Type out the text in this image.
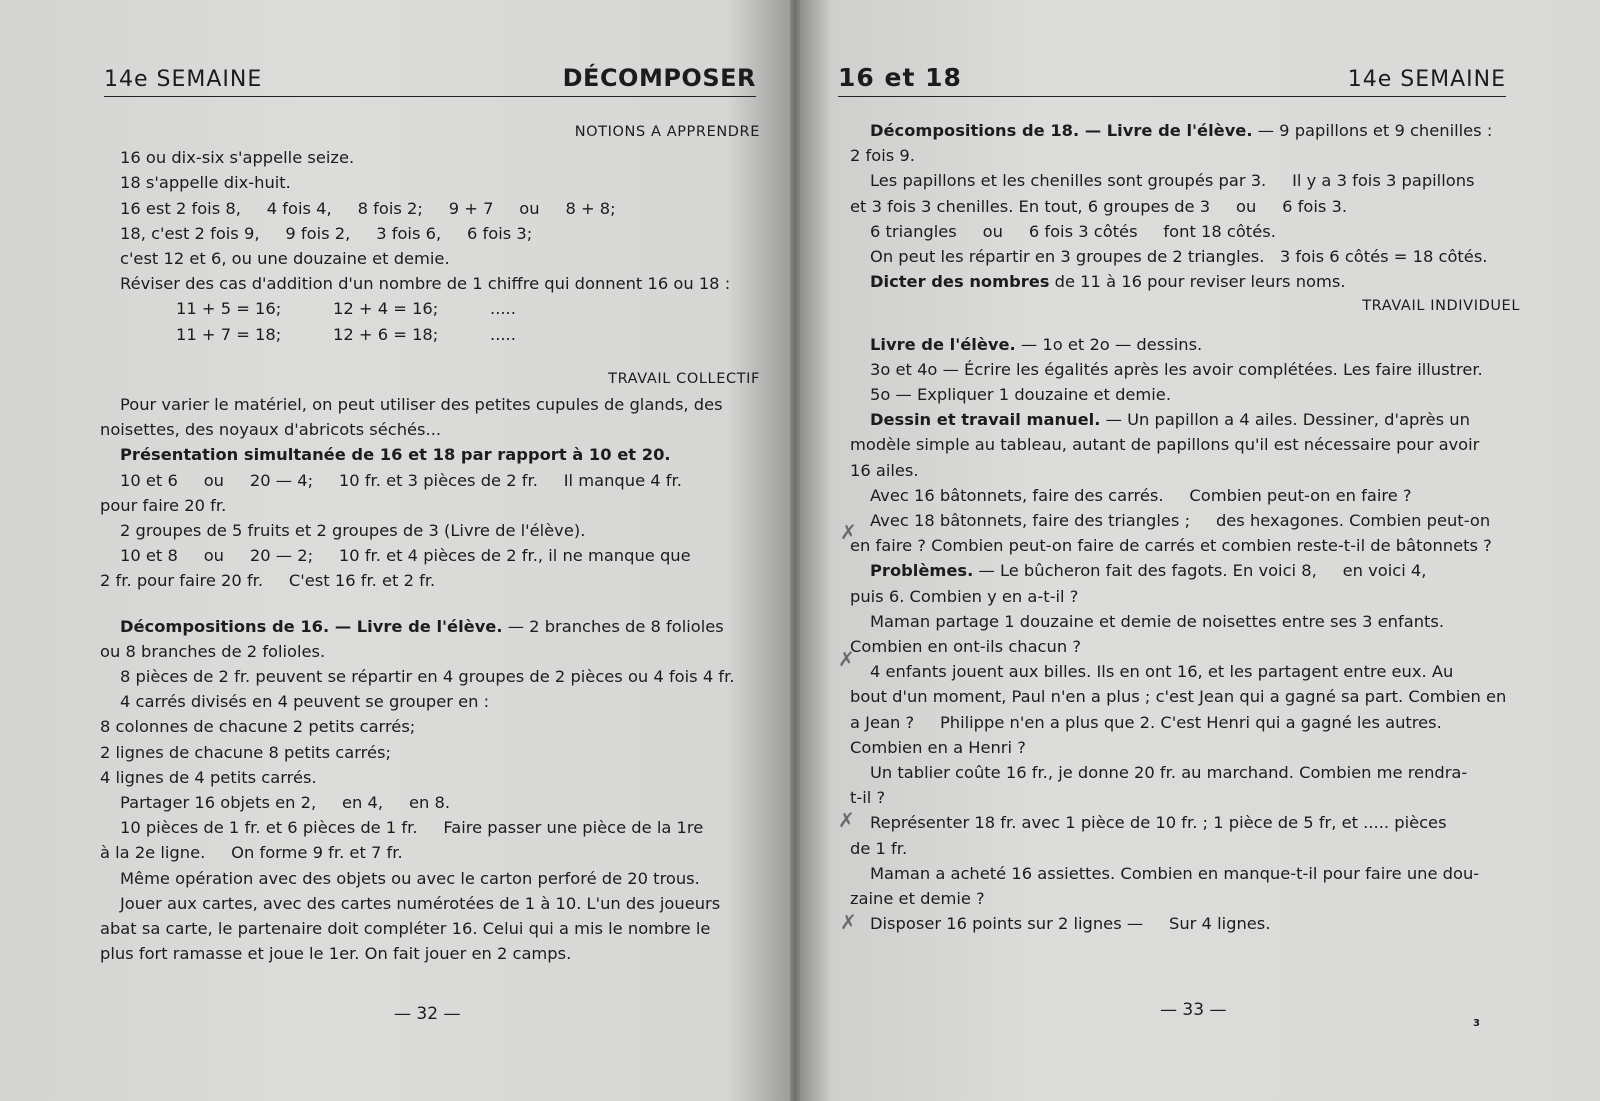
14e SEMAINE	DÉCOMPOSER
NOTIONS A APPRENDRE
16 ou dix-six s'appelle seize.
18 s'appelle dix-huit.
16 est 2 fois 8,     4 fois 4,     8 fois 2;     9 + 7     ou     8 + 8;
18, c'est 2 fois 9,     9 fois 2,     3 fois 6,     6 fois 3;
c'est 12 et 6, ou une douzaine et demie.
Réviser des cas d'addition d'un nombre de 1 chiffre qui donnent 16 ou 18 :
11 + 5 = 16;          12 + 4 = 16;          .....
11 + 7 = 18;          12 + 6 = 18;          .....
TRAVAIL COLLECTIF
Pour varier le matériel, on peut utiliser des petites cupules de glands, des
noisettes, des noyaux d'abricots séchés...
Présentation simultanée de 16 et 18 par rapport à 10 et 20.
10 et 6     ou     20 — 4;     10 fr. et 3 pièces de 2 fr.     Il manque 4 fr.
pour faire 20 fr.
2 groupes de 5 fruits et 2 groupes de 3 (Livre de l'élève).
10 et 8     ou     20 — 2;     10 fr. et 4 pièces de 2 fr., il ne manque que
2 fr. pour faire 20 fr.     C'est 16 fr. et 2 fr.
Décompositions de 16. — Livre de l'élève. — 2 branches de 8 folioles
ou 8 branches de 2 folioles.
8 pièces de 2 fr. peuvent se répartir en 4 groupes de 2 pièces ou 4 fois 4 fr.
4 carrés divisés en 4 peuvent se grouper en :
8 colonnes de chacune 2 petits carrés;
2 lignes de chacune 8 petits carrés;
4 lignes de 4 petits carrés.
Partager 16 objets en 2,     en 4,     en 8.
10 pièces de 1 fr. et 6 pièces de 1 fr.     Faire passer une pièce de la 1re
à la 2e ligne.     On forme 9 fr. et 7 fr.
Même opération avec des objets ou avec le carton perforé de 20 trous.
Jouer aux cartes, avec des cartes numérotées de 1 à 10. L'un des joueurs
abat sa carte, le partenaire doit compléter 16. Celui qui a mis le nombre le
plus fort ramasse et joue le 1er. On fait jouer en 2 camps.
— 32 —
16 et 18	14e SEMAINE
Décompositions de 18. — Livre de l'élève. — 9 papillons et 9 chenilles :
2 fois 9.
Les papillons et les chenilles sont groupés par 3.     Il y a 3 fois 3 papillons
et 3 fois 3 chenilles. En tout, 6 groupes de 3     ou     6 fois 3.
6 triangles     ou     6 fois 3 côtés     font 18 côtés.
On peut les répartir en 3 groupes de 2 triangles.   3 fois 6 côtés = 18 côtés.
Dicter des nombres de 11 à 16 pour reviser leurs noms.
TRAVAIL INDIVIDUEL
Livre de l'élève. — 1o et 2o — dessins.
3o et 4o — Écrire les égalités après les avoir complétées. Les faire illustrer.
5o — Expliquer 1 douzaine et demie.
Dessin et travail manuel. — Un papillon a 4 ailes. Dessiner, d'après un
modèle simple au tableau, autant de papillons qu'il est nécessaire pour avoir
16 ailes.
Avec 16 bâtonnets, faire des carrés.     Combien peut-on en faire ?
Avec 18 bâtonnets, faire des triangles ;     des hexagones. Combien peut-on
en faire ? Combien peut-on faire de carrés et combien reste-t-il de bâtonnets ?
Problèmes. — Le bûcheron fait des fagots. En voici 8,     en voici 4,
puis 6. Combien y en a-t-il ?
Maman partage 1 douzaine et demie de noisettes entre ses 3 enfants.
Combien en ont-ils chacun ?
4 enfants jouent aux billes. Ils en ont 16, et les partagent entre eux. Au
bout d'un moment, Paul n'en a plus ; c'est Jean qui a gagné sa part. Combien en
a Jean ?     Philippe n'en a plus que 2. C'est Henri qui a gagné les autres.
Combien en a Henri ?
Un tablier coûte 16 fr., je donne 20 fr. au marchand. Combien me rendra-
t-il ?
Représenter 18 fr. avec 1 pièce de 10 fr. ; 1 pièce de 5 fr, et ..... pièces
de 1 fr.
Maman a acheté 16 assiettes. Combien en manque-t-il pour faire une dou-
zaine et demie ?
Disposer 16 points sur 2 lignes —     Sur 4 lignes.
— 33 —
3
✗
✗
✗
✗
